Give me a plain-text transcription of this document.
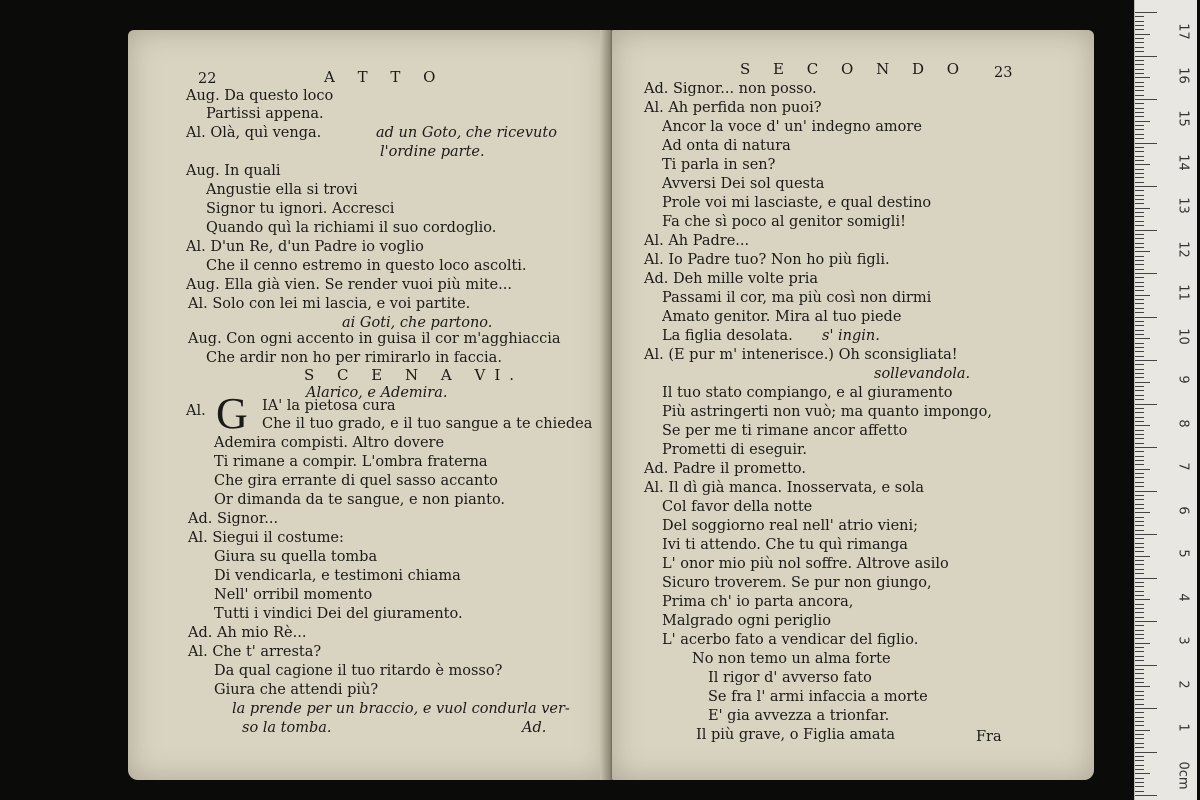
22	A T T O
Aug. Da questo loco
Partissi appena.
Al. Olà, quì venga.	ad un Goto, che ricevuto
l'ordine parte.
Aug. In quali
Angustie ella si trovi
Signor tu ignori. Accresci
Quando quì la richiami il suo cordoglio.
Al. D'un Re, d'un Padre io voglio
Che il cenno estremo in questo loco ascolti.
Aug. Ella già vien. Se render vuoi più mite...
Al. Solo con lei mi lascia, e voi partite.
ai Goti, che partono.
Aug. Con ogni accento in guisa il cor m'agghiaccia
Che ardir non ho per rimirarlo in faccia.
S C E N A VI.
Alarico, e Ademira.
Al. G IA' la pietosa cura
Che il tuo grado, e il tuo sangue a te chiedea
Ademira compisti. Altro dovere
Ti rimane a compir. L'ombra fraterna
Che gira errante di quel sasso accanto
Or dimanda da te sangue, e non pianto.
Ad. Signor...
Al. Siegui il costume:
Giura su quella tomba
Di vendicarla, e testimoni chiama
Nell' orribil momento
Tutti i vindici Dei del giuramento.
Ad. Ah mio Rè...
Al. Che t' arresta?
Da qual cagione il tuo ritardo è mosso?
Giura che attendi più?
la prende per un braccio, e vuol condurla ver-
so la tomba.	Ad.
S E C O N D O 23
Ad. Signor... non posso.
Al. Ah perfida non puoi?
Ancor la voce d' un' indegno amore
Ad onta di natura
Ti parla in sen?
Avversi Dei sol questa
Prole voi mi lasciaste, e qual destino
Fa che sì poco al genitor somigli!
Al. Ah Padre...
Al. Io Padre tuo? Non ho più figli.
Ad. Deh mille volte pria
Passami il cor, ma più così non dirmi
Amato genitor. Mira al tuo piede
La figlia desolata. s' ingin.
Al. (E pur m' intenerisce.) Oh sconsigliata!
sollevandola.
Il tuo stato compiango, e al giuramento
Più astringerti non vuò; ma quanto impongo,
Se per me ti rimane ancor affetto
Prometti di eseguir.
Ad. Padre il prometto.
Al. Il dì già manca. Inosservata, e sola
Col favor della notte
Del soggiorno real nell' atrio vieni;
Ivi ti attendo. Che tu quì rimanga
L' onor mio più nol soffre. Altrove asilo
Sicuro troverem. Se pur non giungo,
Prima ch' io parta ancora,
Malgrado ogni periglio
L' acerbo fato a vendicar del figlio.
No non temo un alma forte
Il rigor d' avverso fato
Se fra l' armi infaccia a morte
E' gia avvezza a trionfar.
Il più grave, o Figlia amata	Fra
17
16
15
14
13
12
11
10
9
8
7
6
5
4
3
2
1
0cm
